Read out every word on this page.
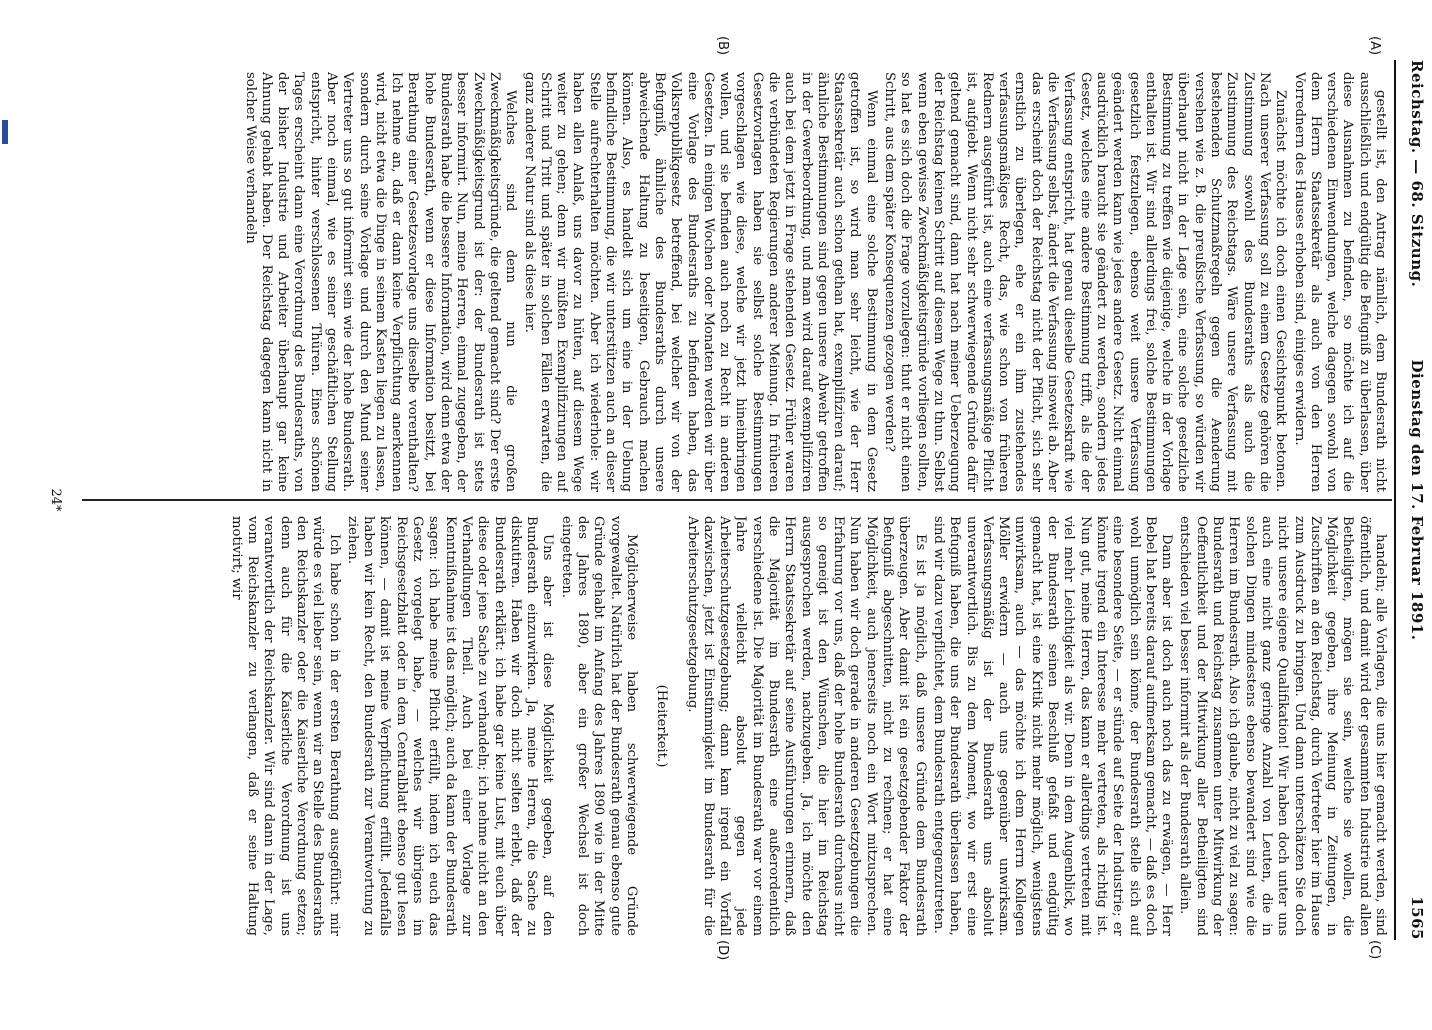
Reichstag. — 68. Sitzung.
Dienstag den 17. Februar 1891.
1565
(A)
(B)
(C)
(D)

gestellt ist, den Antrag nämlich, dem Bundesrath nicht ausschließlich und endgültig die Befugniß zu überlassen, über diese Ausnahmen zu befinden, so möchte ich auf die verschiedenen Einwendungen, welche dagegen sowohl von dem Herrn Staatssekretär als auch von den Herren Vorrednern des Hauses erhoben sind, einiges erwidern.

Zunächst möchte ich doch einen Gesichtspunkt betonen. Nach unserer Verfassung soll zu einem Gesetze gehören die Zustimmung sowohl des Bundesraths als auch die Zustimmung des Reichstags. Wäre unsere Verfassung mit bestehenden Schutzmaßregeln gegen die Aenderung versehen wie z. B. die preußische Verfassung, so würden wir überhaupt nicht in der Lage sein, eine solche gesetzliche Bestimmung zu treffen wie diejenige, welche in der Vorlage enthalten ist. Wir sind allerdings frei, solche Bestimmungen gesetzlich festzulegen, ebenso weit unsere Verfassung geändert werden kann wie jedes andere Gesetz. Nicht einmal ausdrücklich braucht sie geändert zu werden, sondern jedes Gesetz, welches eine andere Bestimmung trifft, als die der Verfassung entspricht, hat genau dieselbe Gesetzeskraft wie die Verfassung selbst, ändert die Verfassung insoweit ab. Aber das erscheint doch der Reichstag nicht der Pflicht, sich sehr ernstlich zu überlegen, ehe er ein ihm zustehendes verfassungsmäßiges Recht, das, wie schon von früheren Rednern ausgeführt ist, auch eine verfassungsmäßige Pflicht ist, aufgiebt. Wenn nicht sehr schwerwiegende Gründe dafür geltend gemacht sind, dann hat nach meiner Ueberzeugung der Reichstag keinen Schritt auf diesem Wege zu thun. Selbst wenn eben gewisse Zweckmäßigkeitsgründe vorliegen sollten, so hat es sich doch die Frage vorzulegen: thut er nicht einen Schritt, aus dem später Konsequenzen gezogen werden?

Wenn einmal eine solche Bestimmung in dem Gesetz getroffen ist, so wird man sehr leicht, wie der Herr Staatssekretär auch schon gethan hat, exemplifiziren darauf; ähnliche Bestimmungen sind gegen unsere Abwehr getroffen in der Gewerbeordnung, und man wird darauf exemplifiziren auch bei dem jetzt in Frage stehenden Gesetz. Früher waren die verbündeten Regierungen anderer Meinung. In früheren Gesetzvorlagen haben sie selbst solche Bestimmungen vorgeschlagen wie diese, welche wir jetzt hineinbringen wollen, und sie befinden auch noch zu Recht in anderen Gesetzen. In einigen Wochen oder Monaten werden wir über eine Vorlage des Bundesraths zu befinden haben, das Volksrepublikgesetz betreffend, bei welcher wir von der Befugniß, ähnliche des Bundesraths durch unsere abweichende Haltung zu beseitigen, Gebrauch machen können. Also, es handelt sich um eine in der Uebung befindliche Bestimmung, die wir unterstützen auch an dieser Stelle aufrechterhalten möchten. Aber ich wiederhole: wir haben allen Anlaß, uns davor zu hüten, auf diesem Wege weiter zu gehen; denn wir müßten Exemplifizirungen auf Schritt und Tritt und später in solchen Fällen erwarten, die ganz anderer Natur sind als diese hier.

Welches sind denn nun die großen Zweckmäßigkeitsgründe, die geltend gemacht sind? Der erste Zweckmäßigkeitsgrund ist der: der Bundesrath ist stets besser informirt. Nun, meine Herren, einmal zugegeben, der Bundesrath habe die bessere Information, wird denn etwa der hohe Bundesrath, wenn er diese Information besitzt, bei Berathung einer Gesetzesvorlage uns dieselbe vorenthalten? Ich nehme an, daß er dann keine Verpflichtung anerkennen wird, nicht etwa die Dinge in seinem Kasten liegen zu lassen, sondern durch seine Vorlage und durch den Mund seiner Vertreter uns so gut informirt sein wie der hohe Bundesrath. Aber noch einmal, wie es seiner geschäftlichen Stellung entspricht, hinter verschlossenen Thüren. Eines schönen Tages erscheint dann eine Verordnung des Bundesraths, von der bisher Industrie und Arbeiter überhaupt gar keine Ahnung gehabt haben. Der Reichstag dagegen kann nicht in solcher Weise verhandeln

handeln; alle Vorlagen, die uns hier gemacht werden, sind öffentlich, und damit wird der gesammten Industrie und allen Betheiligten, mögen sie sein, welche sie wollen, die Möglichkeit gegeben, ihre Meinung in Zeitungen, in Zuschriften an den Reichstag, durch Vertreter hier im Hause zum Ausdruck zu bringen. Und dann unterschätzen Sie doch nicht unsere eigene Qualifikation! Wir haben doch unter uns auch eine nicht ganz geringe Anzahl von Leuten, die in solchen Dingen mindestens ebenso bewandert sind wie die Herren im Bundesrath. Also ich glaube, nicht zu viel zu sagen: Bundesrath und Reichstag zusammen unter Mitwirkung der Oeffentlichkeit und der Mitwirkung aller Betheiligten sind entschieden viel besser informirt als der Bundesrath allein.

Dann aber ist doch auch noch das zu erwägen, — Herr Bebel hat bereits darauf aufmerksam gemacht, — daß es doch wohl unmöglich sein könne, der Bundesrath stelle sich auf eine besondere Seite, — er stünde auf Seite der Industrie; er könnte irgend ein Interesse mehr vertreten, als richtig ist. Nun gut, meine Herren, das kann er allerdings vertreten mit viel mehr Leichtigkeit als wir. Denn in dem Augenblick, wo der Bundesrath seinen Beschluß gefaßt und endgültig gemacht hat, ist eine Kritik nicht mehr möglich, wenigstens unwirksam, auch — das möchte ich dem Herrn Kollegen Möller erwidern — auch uns gegenüber unwirksam. Verfassungsmäßig ist der Bundesrath uns absolut unverantwortlich. Bis zu dem Moment, wo wir erst eine Befugniß haben, die uns der Bundesrath überlassen haben, sind wir dazu verpflichtet, dem Bundesrath entgegenzutreten.

Es ist ja möglich, daß unsere Gründe dem Bundesrath überzeugen. Aber damit ist ein gesetzgebender Faktor der Befugniß abgeschnitten, nicht zu rechnen; er hat eine Möglichkeit, auch jenerseits noch ein Wort mitzusprechen. Nun haben wir doch gerade in anderen Gesetzgebungen die Erfahrung vor uns, daß der hohe Bundesrath durchaus nicht so geneigt ist den Wünschen, die hier im Reichstag ausgesprochen werden, nachzugeben. Ja, ich möchte den Herrn Staatssekretär auf seine Ausführungen erinnern, daß die Majorität im Bundesrath eine außerordentlich verschiedene ist. Die Majorität im Bundesrath war vor einem Jahre vielleicht absolut gegen jede Arbeiterschutzgesetzgebung; dann kam irgend ein Vorfall dazwischen, jetzt ist Einstimmigkeit im Bundesrath für die Arbeiterschutzgesetzgebung.

(Heiterkeit.)

Möglicherweise haben schwerwiegende Gründe vorgewaltet. Natürlich hat der Bundesrath genau ebenso gute Gründe gehabt im Anfang des Jahres 1890 wie in der Mitte des Jahres 1890, aber ein großer Wechsel ist doch eingetreten.

Uns aber ist diese Möglichkeit gegeben, auf den Bundesrath einzuwirken. Ja, meine Herren, die Sache zu diskutiren. Haben wir doch nicht selten erlebt, daß der Bundesrath erklärt: ich habe gar keine Lust, mit euch über diese oder jene Sache zu verhandeln; ich nehme nicht an den Verhandlungen Theil. Auch bei einer Vorlage zur Kenntnißnahme ist das möglich; auch da kann der Bundesrath sagen: ich habe meine Pflicht erfüllt, indem ich euch das Gesetz vorgelegt habe, — welches wir übrigens im Reichsgesetzblatt oder in dem Centralblatt ebenso gut lesen können, — damit ist meine Verpflichtung erfüllt. Jedenfalls haben wir kein Recht, den Bundesrath zur Verantwortung zu ziehen.

Ich habe schon in der ersten Berathung ausgeführt: mir würde es viel lieber sein, wenn wir an Stelle des Bundesraths den Reichskanzler oder die Kaiserliche Verordnung setzen; denn auch für die Kaiserliche Verordnung ist uns verantwortlich der Reichskanzler. Wir sind dann in der Lage, vom Reichskanzler zu verlangen, daß er seine Haltung motivirt; wir

24*
